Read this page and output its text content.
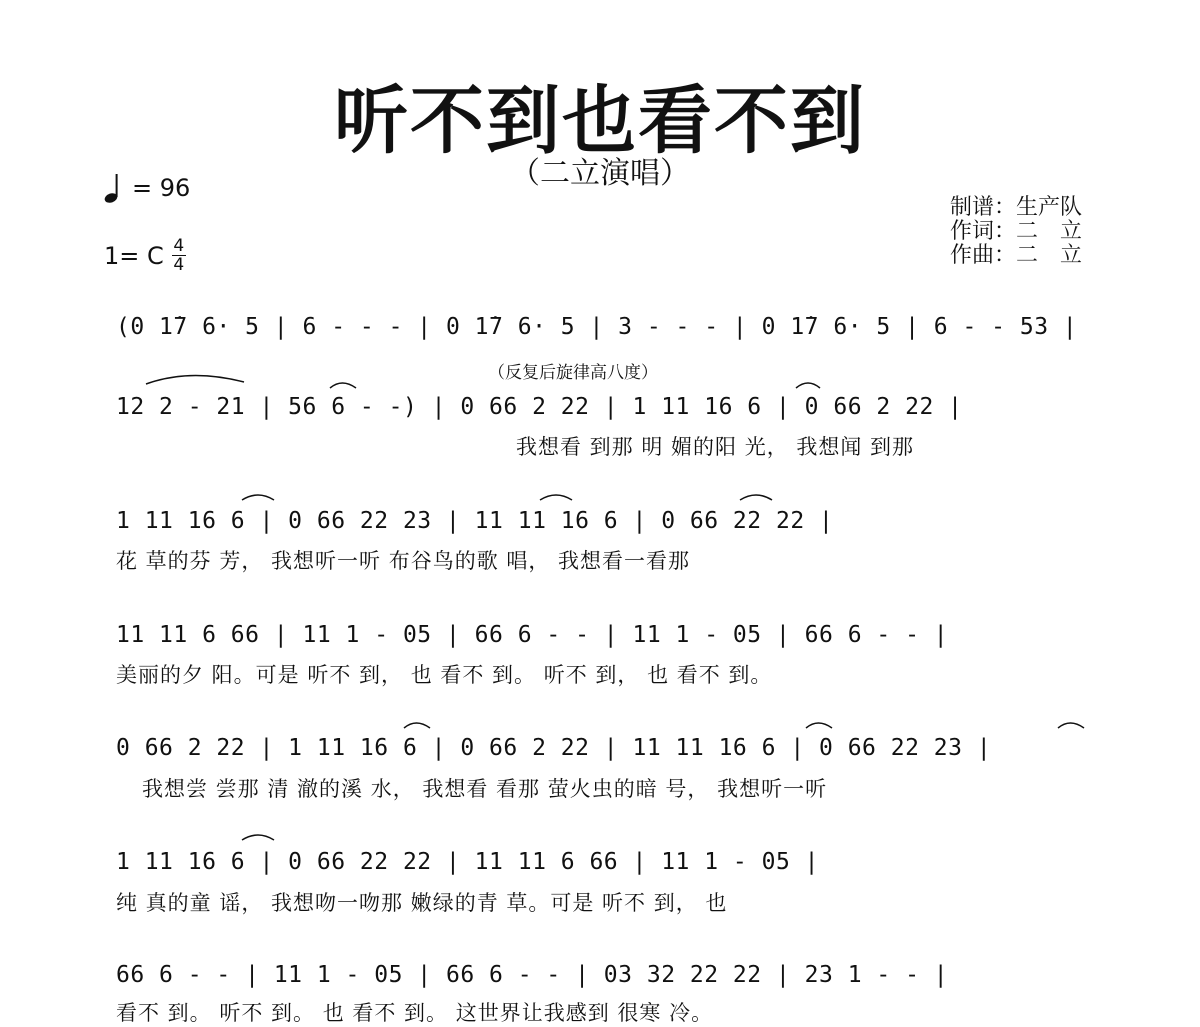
听不到也看不到
（二立演唱）
= 96
1= C 4
4
制谱：生产队
作词：二　立
作曲：二　立
（反复后旋律高八度）
(0 1̇7 6· 5 | 6 - - - | 0 1̇7 6· 5 | 3 - - - | 0 1̇7 6· 5 | 6 - - 53 |
12 2 - 21 | 56 6 - -) | 0 66 2 22 | 1 11 16 6 | 0 66 2 22 |
我想看 到那 明 媚的阳 光， 我想闻 到那
1 11 16 6 | 0 66 22 23 | 11 11 16 6 | 0 66 22 22 |
花 草的芬 芳， 我想听一听 布谷鸟的歌 唱， 我想看一看那
11 11 6 66 | 11 1 - 05 | 66 6 - - | 11 1 - 05 | 66 6 - - |
美丽的夕 阳。可是 听不 到， 也 看不 到。 听不 到， 也 看不 到。
0 66 2 22 | 1 11 16 6 | 0 66 2 22 | 11 11 16 6 | 0 66 22 23 |
我想尝 尝那 清 澈的溪 水， 我想看 看那 萤火虫的暗 号， 我想听一听
1 11 16 6 | 0 66 22 22 | 11 11 6 66 | 11 1 - 05 |
纯 真的童 谣， 我想吻一吻那 嫩绿的青 草。可是 听不 到， 也
66 6 - - | 11 1 - 05 | 66 6 - - | 03 32 22 22 | 23 1 - - |
看不 到。 听不 到。 也 看不 到。 这世界让我感到 很寒 冷。
